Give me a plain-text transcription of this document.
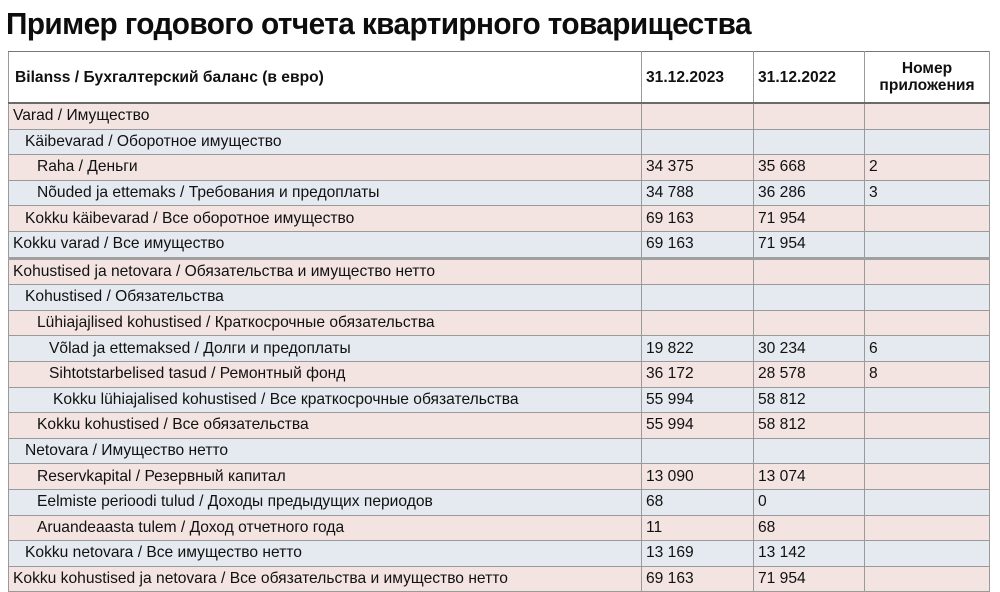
Пример годового отчета квартирного товарищества
Bilanss / Бухгалтерский баланс (в евро)	31.12.2023	31.12.2022	Номер
приложения
Varad / Имущество			
Käibevarad / Оборотное имущество			
Raha / Деньги	34 375	35 668	2
Nõuded ja ettemaks / Требования и предоплаты	34 788	36 286	3
Kokku käibevarad / Все оборотное имущество	69 163	71 954	
Kokku varad / Все имущество	69 163	71 954	
Kohustised ja netovara / Обязательства и имущество нетто			
Kohustised / Обязательства			
Lühiajajlised kohustised / Краткосрочные обязательства			
Võlad ja ettemaksed / Долги и предоплаты	19 822	30 234	6
Sihtotstarbelised tasud / Ремонтный фонд	36 172	28 578	8
Kokku lühiajalised kohustised / Все краткосрочные обязательства	55 994	58 812	
Kokku kohustised / Все обязательства	55 994	58 812	
Netovara / Имущество нетто			
Reservkapital / Резервный капитал	13 090	13 074	
Eelmiste perioodi tulud / Доходы предыдущих периодов	68	0	
Aruandeaasta tulem / Доход отчетного года	11	68	
Kokku netovara / Все имущество нетто	13 169	13 142	
Kokku kohustised ja netovara / Все обязательства и имущество нетто	69 163	71 954	
